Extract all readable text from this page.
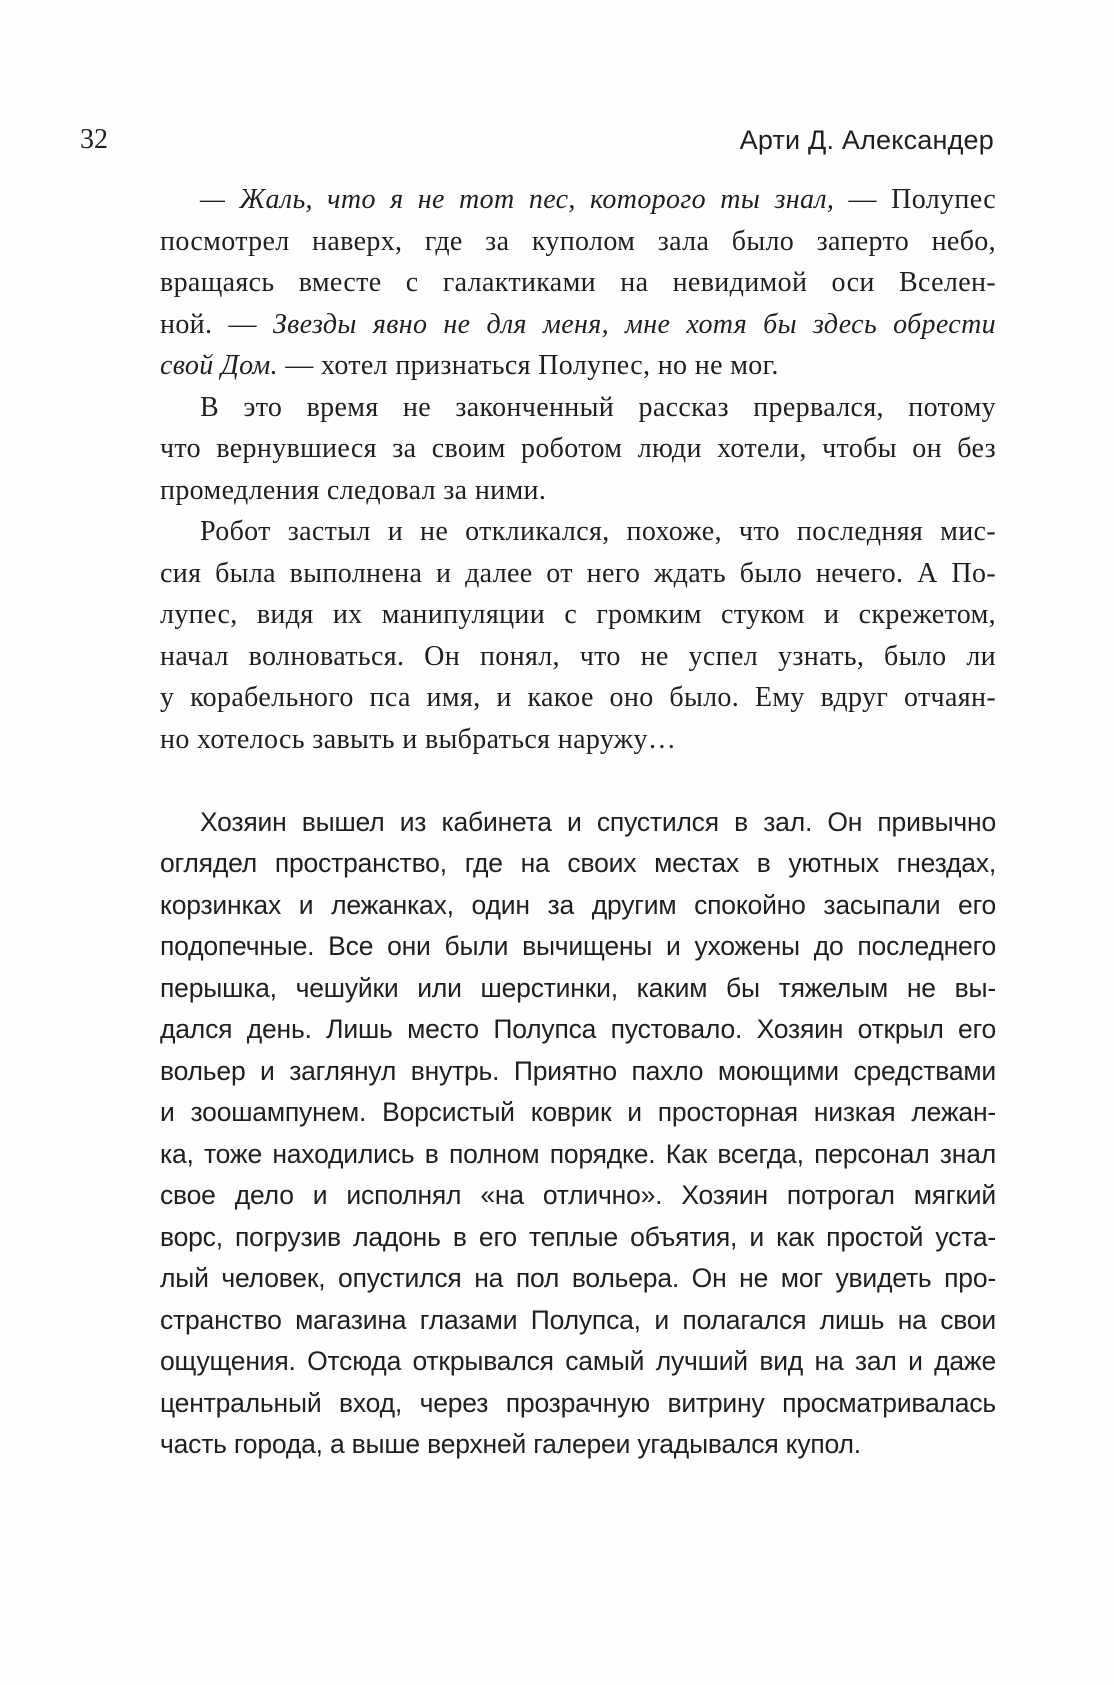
32	Арти Д. Александер
— Жаль, что я не тот пес, которого ты знал, — Полупес
посмотрел наверх, где за куполом зала было заперто небо,
вращаясь вместе с галактиками на невидимой оси Вселен-
ной. — Звезды явно не для меня, мне хотя бы здесь обрести
свой Дом. — хотел признаться Полупес, но не мог.
В это время не законченный рассказ прервался, потому
что вернувшиеся за своим роботом люди хотели, чтобы он без
промедления следовал за ними.
Робот застыл и не откликался, похоже, что последняя мис-
сия была выполнена и далее от него ждать было нечего. А По-
лупес, видя их манипуляции с громким стуком и скрежетом,
начал волноваться. Он понял, что не успел узнать, было ли
у корабельного пса имя, и какое оно было. Ему вдруг отчаян-
но хотелось завыть и выбраться наружу…
Хозяин вышел из кабинета и спустился в зал. Он привычно
оглядел пространство, где на своих местах в уютных гнездах,
корзинках и лежанках, один за другим спокойно засыпали его
подопечные. Все они были вычищены и ухожены до последнего
перышка, чешуйки или шерстинки, каким бы тяжелым не вы-
дался день. Лишь место Полупса пустовало. Хозяин открыл его
вольер и заглянул внутрь. Приятно пахло моющими средствами
и зоошампунем. Ворсистый коврик и просторная низкая лежан-
ка, тоже находились в полном порядке. Как всегда, персонал знал
свое дело и исполнял «на отлично». Хозяин потрогал мягкий
ворс, погрузив ладонь в его теплые объятия, и как простой уста-
лый человек, опустился на пол вольера. Он не мог увидеть про-
странство магазина глазами Полупса, и полагался лишь на свои
ощущения. Отсюда открывался самый лучший вид на зал и даже
центральный вход, через прозрачную витрину просматривалась
часть города, а выше верхней галереи угадывался купол.
